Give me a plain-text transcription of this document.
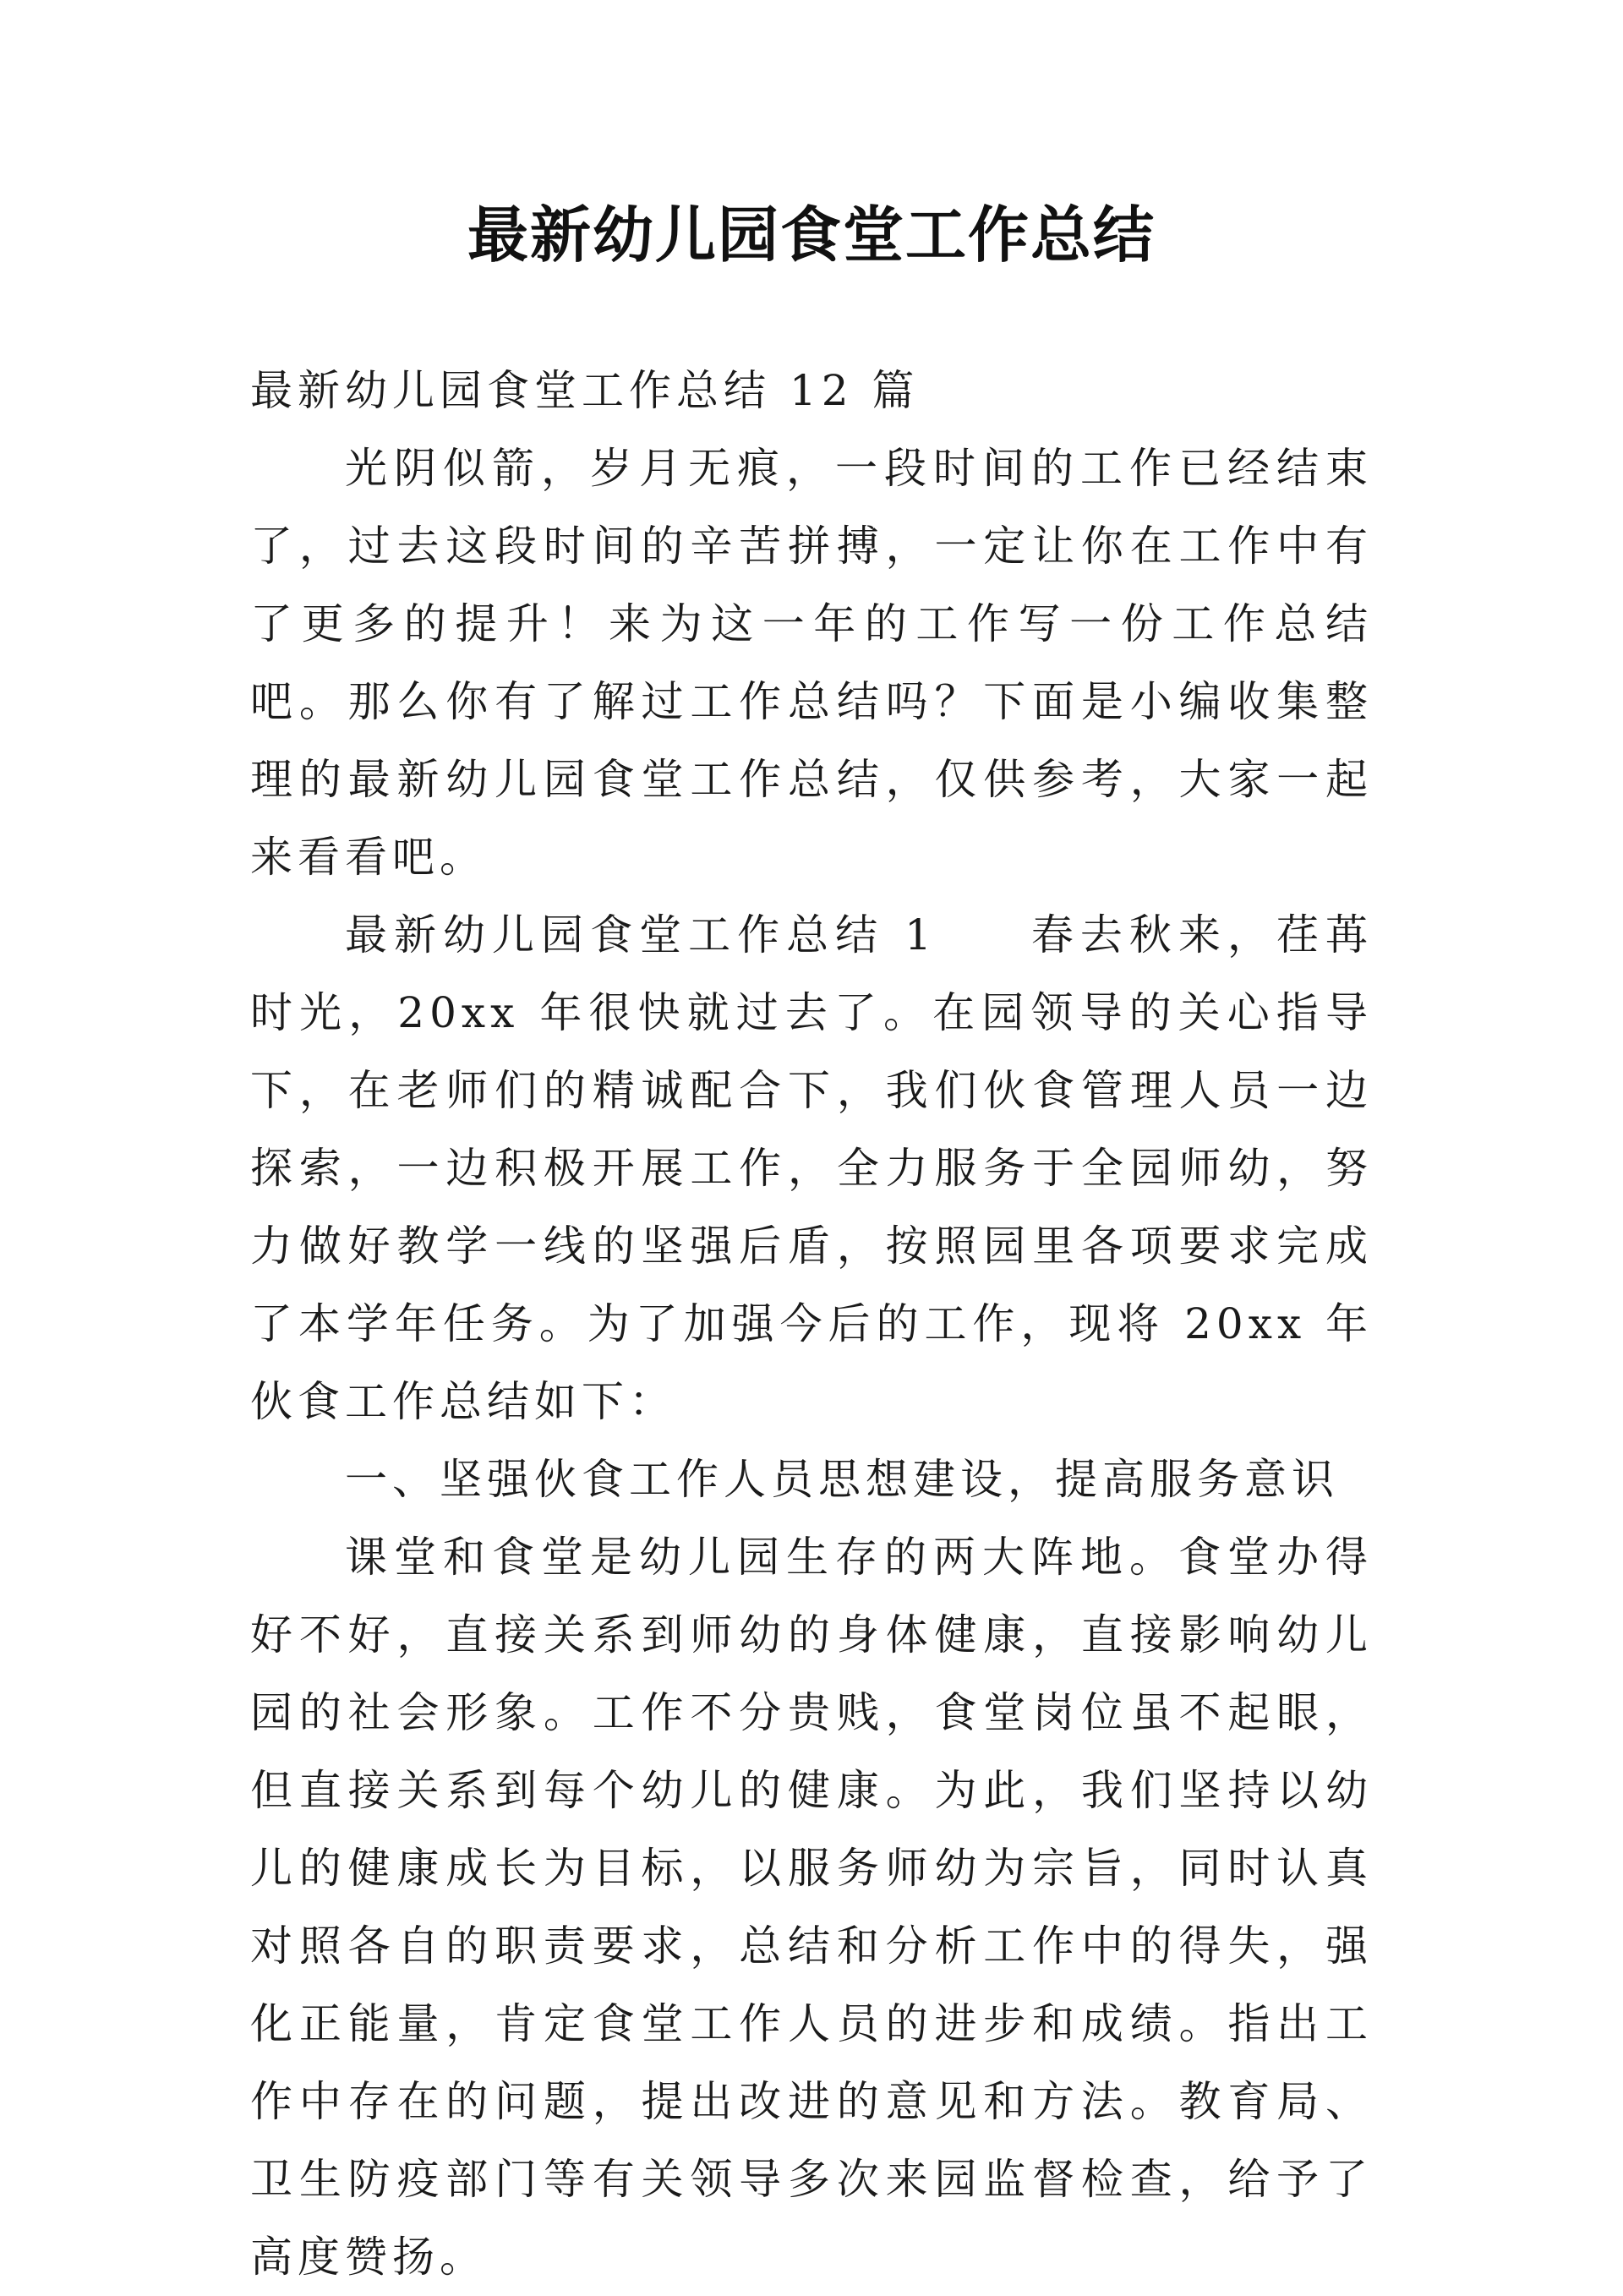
最新幼儿园食堂工作总结

最新幼儿园食堂工作总结 12 篇

光阴似箭，岁月无痕，一段时间的工作已经结束了，过去这段时间的辛苦拼搏，一定让你在工作中有了更多的提升！来为这一年的工作写一份工作总结吧。那么你有了解过工作总结吗？下面是小编收集整理的最新幼儿园食堂工作总结，仅供参考，大家一起来看看吧。

最新幼儿园食堂工作总结 1 春去秋来，荏苒时光，20xx 年很快就过去了。在园领导的关心指导下，在老师们的精诚配合下，我们伙食管理人员一边探索，一边积极开展工作，全力服务于全园师幼，努力做好教学一线的坚强后盾，按照园里各项要求完成了本学年任务。为了加强今后的工作，现将 20xx 年伙食工作总结如下：

一、坚强伙食工作人员思想建设，提高服务意识

课堂和食堂是幼儿园生存的两大阵地。食堂办得好不好，直接关系到师幼的身体健康，直接影响幼儿园的社会形象。工作不分贵贱，食堂岗位虽不起眼，但直接关系到每个幼儿的健康。为此，我们坚持以幼儿的健康成长为目标，以服务师幼为宗旨，同时认真对照各自的职责要求，总结和分析工作中的得失，强化正能量，肯定食堂工作人员的进步和成绩。指出工作中存在的问题，提出改进的意见和方法。教育局、卫生防疫部门等有关领导多次来园监督检查，给予了高度赞扬。
